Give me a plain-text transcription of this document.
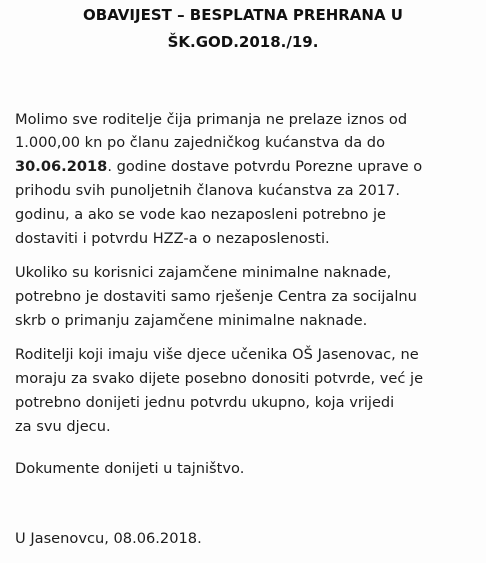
OBAVIJEST – BESPLATNA PREHRANA U
ŠK.GOD.2018./19.
Molimo sve roditelje čija primanja ne prelaze iznos od
1.000,00 kn po članu zajedničkog kućanstva da do
30.06.2018. godine dostave potvrdu Porezne uprave o
prihodu svih punoljetnih članova kućanstva za 2017.
godinu, a ako se vode kao nezaposleni potrebno je
dostaviti i potvrdu HZZ-a o nezaposlenosti.
Ukoliko su korisnici zajamčene minimalne naknade,
potrebno je dostaviti samo rješenje Centra za socijalnu
skrb o primanju zajamčene minimalne naknade.
Roditelji koji imaju više djece učenika OŠ Jasenovac, ne
moraju za svako dijete posebno donositi potvrde, već je
potrebno donijeti jednu potvrdu ukupno, koja vrijedi
za svu djecu.
Dokumente donijeti u tajništvo.
U Jasenovcu, 08.06.2018.
